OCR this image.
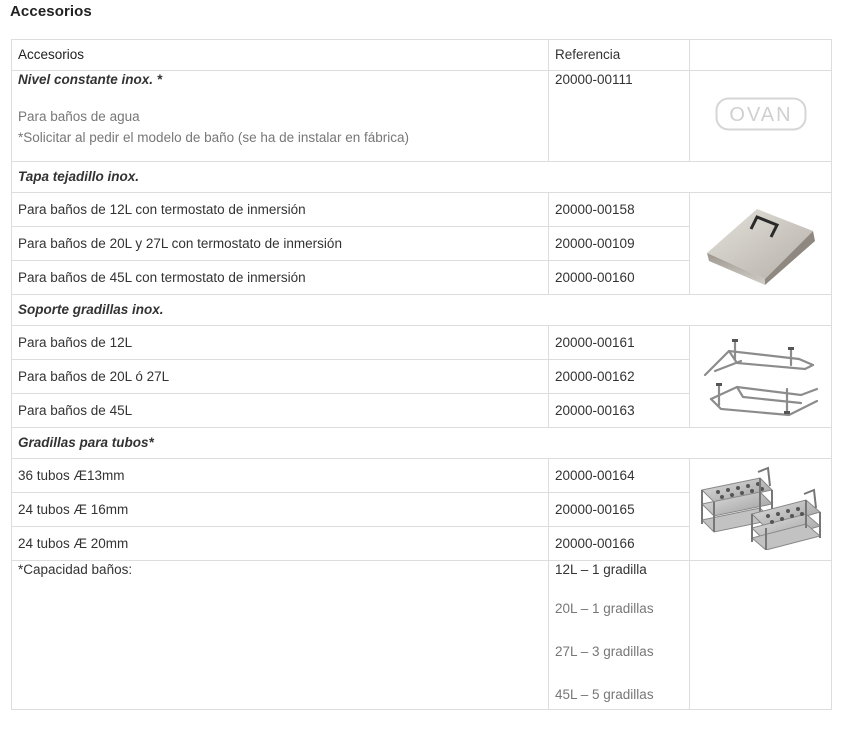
Accesorios
Accesorios	Referencia	

Nivel constante inox. *
Para baños de agua
*Solicitar al pedir el modelo de baño (se ha de instalar en fábrica)	20000-00111	OVAN

Tapa tejadillo inox.		
Para baños de 12L con termostato de inmersión	20000-00158	
Para baños de 20L y 27L con termostato de inmersión	20000-00109	
Para baños de 45L con termostato de inmersión	20000-00160	
Soporte gradillas inox.		
Para baños de 12L	20000-00161	
Para baños de 20L ó 27L	20000-00162	
Para baños de 45L	20000-00163	
Gradillas para tubos*		
36 tubos Æ13mm	20000-00164	
24 tubos Æ 16mm	20000-00165	
24 tubos Æ 20mm	20000-00166	
*Capacidad baños:	12L – 1 gradilla
20L – 1 gradillas
27L – 3 gradillas
45L – 5 gradillas	
